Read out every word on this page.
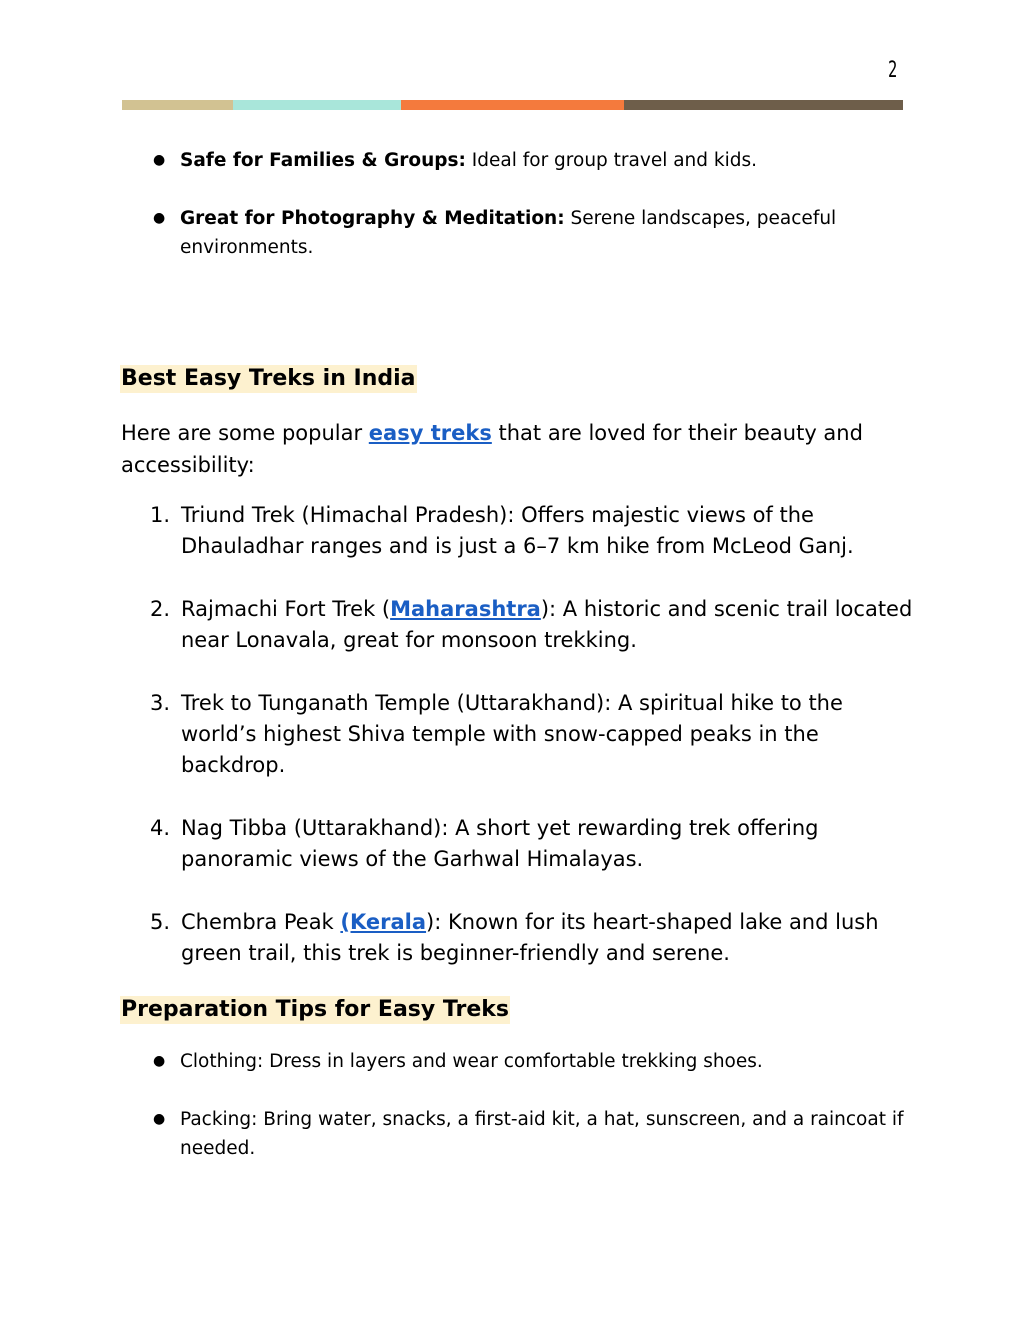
2
● Safe for Families & Groups: Ideal for group travel and kids.
● Great for Photography & Meditation: Serene landscapes, peaceful environments.
Best Easy Treks in India

Here are some popular easy treks that are loved for their beauty and accessibility:

1. Triund Trek (Himachal Pradesh): Offers majestic views of the Dhauladhar ranges and is just a 6–7 km hike from McLeod Ganj.
2. Rajmachi Fort Trek (Maharashtra): A historic and scenic trail located near Lonavala, great for monsoon trekking.
3. Trek to Tunganath Temple (Uttarakhand): A spiritual hike to the world’s highest Shiva temple with snow-capped peaks in the backdrop.
4. Nag Tibba (Uttarakhand): A short yet rewarding trek offering panoramic views of the Garhwal Himalayas.
5. Chembra Peak (Kerala): Known for its heart-shaped lake and lush green trail, this trek is beginner-friendly and serene.
Preparation Tips for Easy Treks
● Clothing: Dress in layers and wear comfortable trekking shoes.
● Packing: Bring water, snacks, a first-aid kit, a hat, sunscreen, and a raincoat if needed.
